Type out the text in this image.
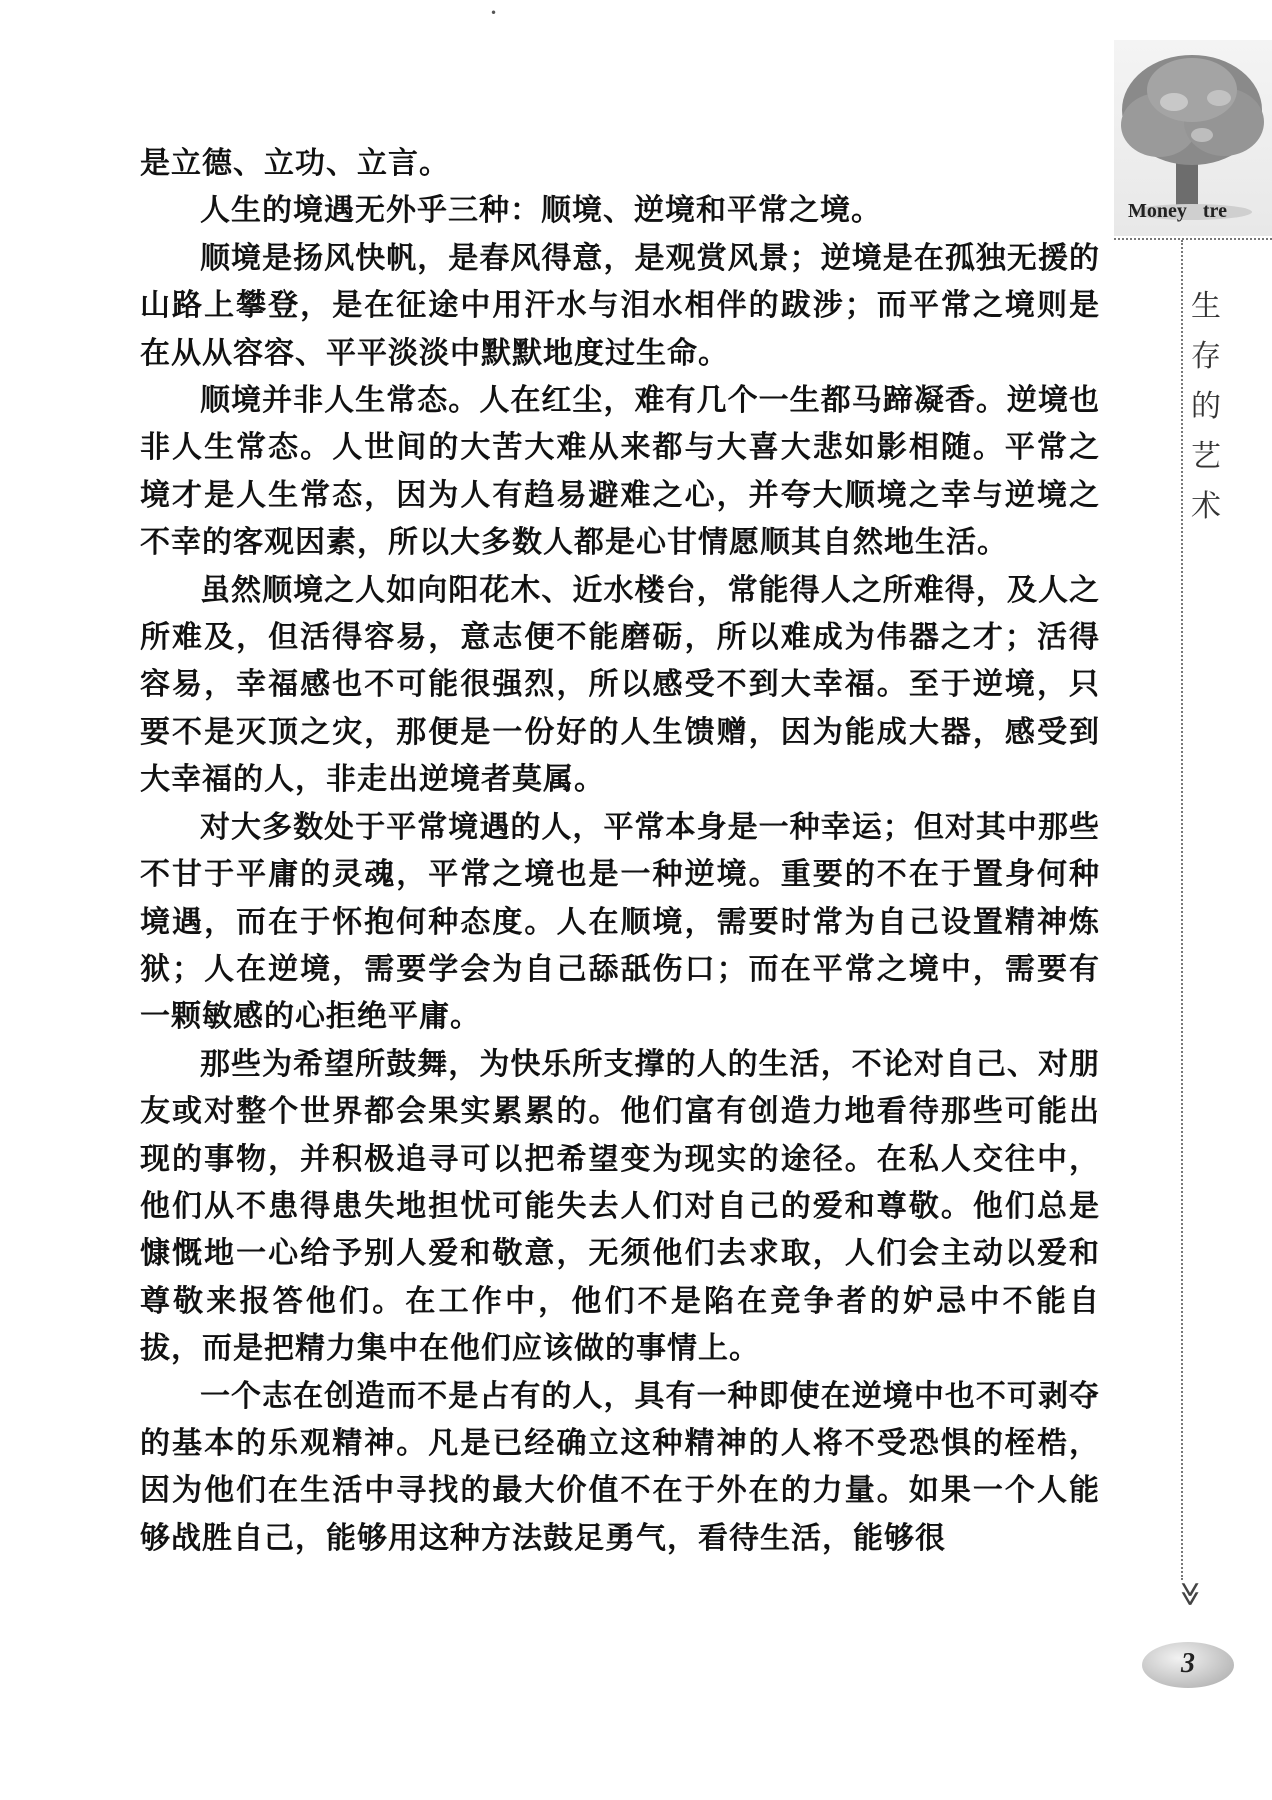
•

是立德、立功、立言。

人生的境遇无外乎三种：顺境、逆境和平常之境。

顺境是扬风快帆，是春风得意，是观赏风景；逆境是在孤独无援的山路上攀登，是在征途中用汗水与泪水相伴的跋涉；而平常之境则是在从从容容、平平淡淡中默默地度过生命。

顺境并非人生常态。人在红尘，难有几个一生都马蹄凝香。逆境也非人生常态。人世间的大苦大难从来都与大喜大悲如影相随。平常之境才是人生常态，因为人有趋易避难之心，并夸大顺境之幸与逆境之不幸的客观因素，所以大多数人都是心甘情愿顺其自然地生活。

虽然顺境之人如向阳花木、近水楼台，常能得人之所难得，及人之所难及，但活得容易，意志便不能磨砺，所以难成为伟器之才；活得容易，幸福感也不可能很强烈，所以感受不到大幸福。至于逆境，只要不是灭顶之灾，那便是一份好的人生馈赠，因为能成大器，感受到大幸福的人，非走出逆境者莫属。

对大多数处于平常境遇的人，平常本身是一种幸运；但对其中那些不甘于平庸的灵魂，平常之境也是一种逆境。重要的不在于置身何种境遇，而在于怀抱何种态度。人在顺境，需要时常为自己设置精神炼狱；人在逆境，需要学会为自己舔舐伤口；而在平常之境中，需要有一颗敏感的心拒绝平庸。

那些为希望所鼓舞，为快乐所支撑的人的生活，不论对自己、对朋友或对整个世界都会果实累累的。他们富有创造力地看待那些可能出现的事物，并积极追寻可以把希望变为现实的途径。在私人交往中，他们从不患得患失地担忧可能失去人们对自己的爱和尊敬。他们总是慷慨地一心给予别人爱和敬意，无须他们去求取，人们会主动以爱和尊敬来报答他们。在工作中，他们不是陷在竞争者的妒忌中不能自拔，而是把精力集中在他们应该做的事情上。

一个志在创造而不是占有的人，具有一种即使在逆境中也不可剥夺的基本的乐观精神。凡是已经确立这种精神的人将不受恐惧的桎梏，因为他们在生活中寻找的最大价值不在于外在的力量。如果一个人能够战胜自己，能够用这种方法鼓足勇气，看待生活，能够很

Money tre
生
存
的
艺
术
≫
3
